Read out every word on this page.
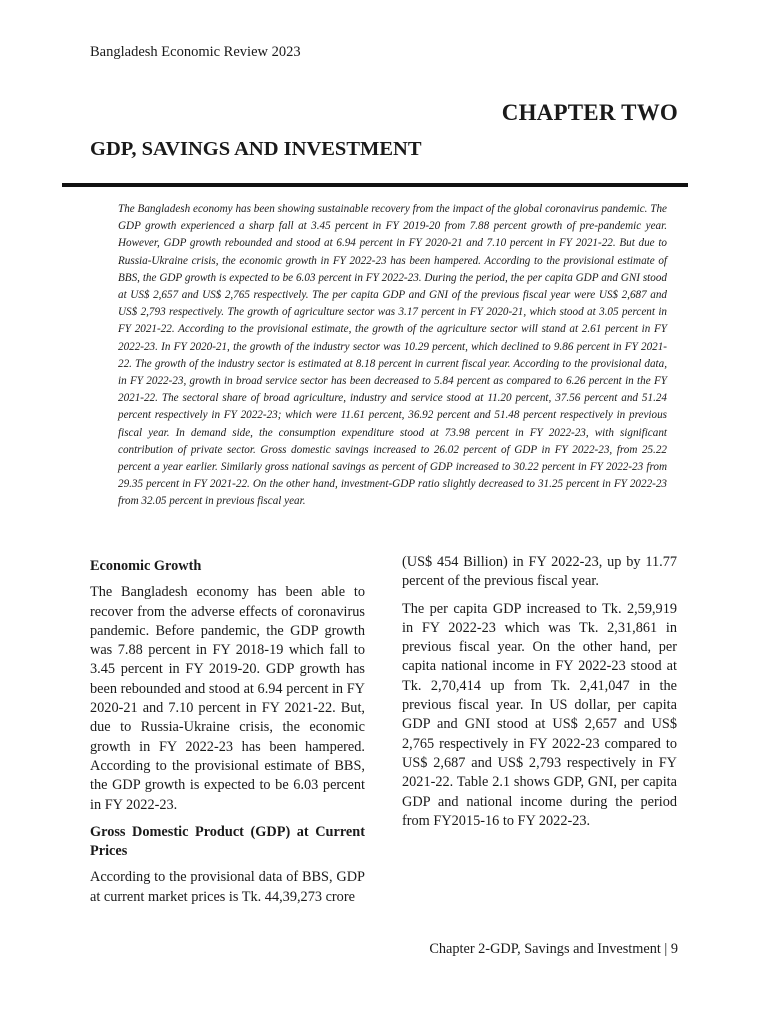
Bangladesh Economic Review 2023
CHAPTER TWO
GDP, SAVINGS AND INVESTMENT

The Bangladesh economy has been showing sustainable recovery from the impact of the global coronavirus pandemic. The GDP growth experienced a sharp fall at 3.45 percent in FY 2019-20 from 7.88 percent growth of pre-pandemic year. However, GDP growth rebounded and stood at 6.94 percent in FY 2020-21 and 7.10 percent in FY 2021-22. But due to Russia-Ukraine crisis, the economic growth in FY 2022-23 has been hampered. According to the provisional estimate of BBS, the GDP growth is expected to be 6.03 percent in FY 2022-23. During the period, the per capita GDP and GNI stood at US$ 2,657 and US$ 2,765 respectively. The per capita GDP and GNI of the previous fiscal year were US$ 2,687 and US$ 2,793 respectively. The growth of agriculture sector was 3.17 percent in FY 2020-21, which stood at 3.05 percent in FY 2021-22. According to the provisional estimate, the growth of the agriculture sector will stand at 2.61 percent in FY 2022-23. In FY 2020-21, the growth of the industry sector was 10.29 percent, which declined to 9.86 percent in FY 2021-22. The growth of the industry sector is estimated at 8.18 percent in current fiscal year. According to the provisional data, in FY 2022-23, growth in broad service sector has been decreased to 5.84 percent as compared to 6.26 percent in the FY 2021-22. The sectoral share of broad agriculture, industry and service stood at 11.20 percent, 37.56 percent and 51.24 percent respectively in FY 2022-23; which were 11.61 percent, 36.92 percent and 51.48 percent respectively in previous fiscal year. In demand side, the consumption expenditure stood at 73.98 percent in FY 2022-23, with significant contribution of private sector. Gross domestic savings increased to 26.02 percent of GDP in FY 2022-23, from 25.22 percent a year earlier. Similarly gross national savings as percent of GDP increased to 30.22 percent in FY 2022-23 from 29.35 percent in FY 2021-22. On the other hand, investment-GDP ratio slightly decreased to 31.25 percent in FY 2022-23 from 32.05 percent in previous fiscal year.

Economic Growth

The Bangladesh economy has been able to recover from the adverse effects of coronavirus pandemic. Before pandemic, the GDP growth was 7.88 percent in FY 2018-19 which fall to 3.45 percent in FY 2019-20. GDP growth has been rebounded and stood at 6.94 percent in FY 2020-21 and 7.10 percent in FY 2021-22. But, due to Russia-Ukraine crisis, the economic growth in FY 2022-23 has been hampered. According to the provisional estimate of BBS, the GDP growth is expected to be 6.03 percent in FY 2022-23.

Gross Domestic Product (GDP) at Current Prices

According to the provisional data of BBS, GDP at current market prices is Tk. 44,39,273 crore

(US$ 454 Billion) in FY 2022-23, up by 11.77 percent of the previous fiscal year.

The per capita GDP increased to Tk. 2,59,919 in FY 2022-23 which was Tk. 2,31,861 in previous fiscal year. On the other hand, per capita national income in FY 2022-23 stood at Tk. 2,70,414 up from Tk. 2,41,047 in the previous fiscal year. In US dollar, per capita GDP and GNI stood at US$ 2,657 and US$ 2,765 respectively in FY 2022-23 compared to US$ 2,687 and US$ 2,793 respectively in FY 2021-22. Table 2.1 shows GDP, GNI, per capita GDP and national income during the period from FY2015-16 to FY 2022-23.

Chapter 2-GDP, Savings and Investment | 9
